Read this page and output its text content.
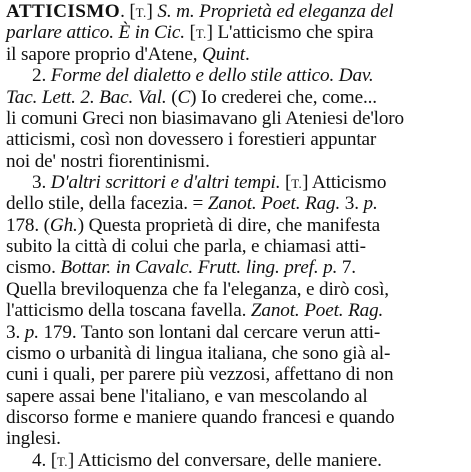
ATTICISMO. [T.] S. m. Proprietà ed eleganza del
parlare attico. È in Cic. [T.] L'atticismo che spira
il sapore proprio d'Atene, Quint.
2. Forme del dialetto e dello stile attico. Dav.
Tac. Lett. 2. Bac. Val. (C) Io crederei che, come...
li comuni Greci non biasimavano gli Ateniesi de'loro
atticismi, così non dovessero i forestieri appuntar
noi de' nostri fiorentinismi.
3. D'altri scrittori e d'altri tempi. [T.] Atticismo
dello stile, della facezia. = Zanot. Poet. Rag. 3. p.
178. (Gh.) Questa proprietà di dire, che manifesta
subito la città di colui che parla, e chiamasi atti-
cismo. Bottar. in Cavalc. Frutt. ling. pref. p. 7.
Quella breviloquenza che fa l'eleganza, e dirò così,
l'atticismo della toscana favella. Zanot. Poet. Rag.
3. p. 179. Tanto son lontani dal cercare verun atti-
cismo o urbanità di lingua italiana, che sono già al-
cuni i quali, per parere più vezzosi, affettano di non
sapere assai bene l'italiano, e van mescolando al
discorso forme e maniere quando francesi e quando
inglesi.
4. [T.] Atticismo del conversare, delle maniere.
